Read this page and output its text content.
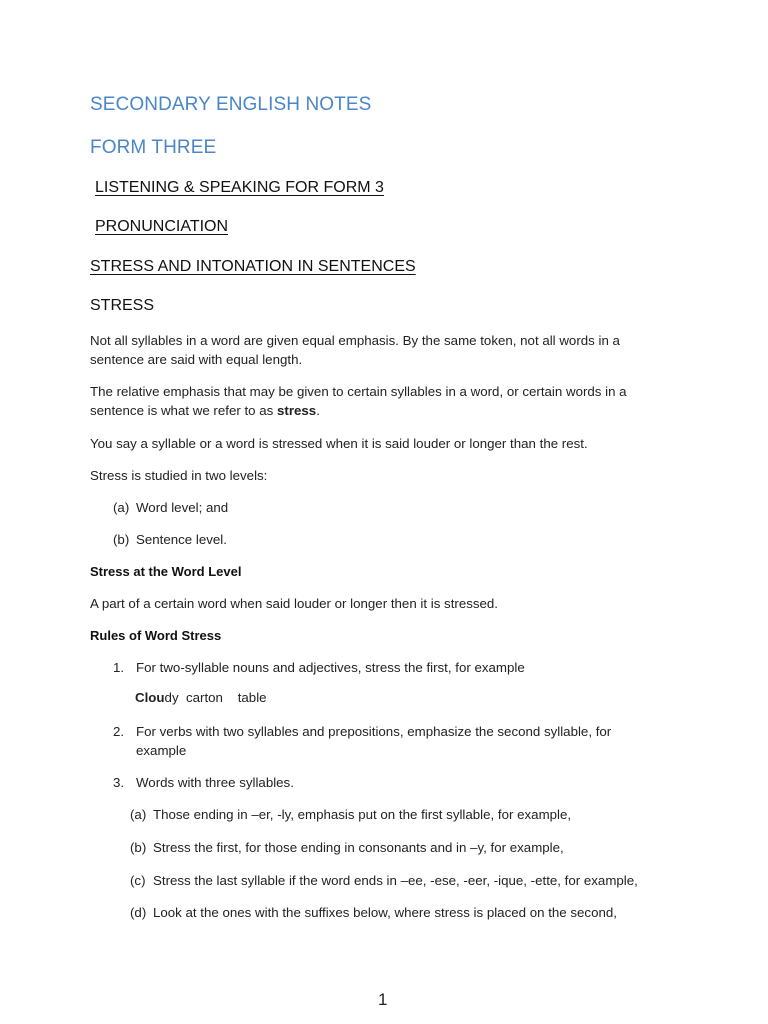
SECONDARY ENGLISH NOTES
FORM THREE
LISTENING & SPEAKING FOR FORM 3
PRONUNCIATION
STRESS AND INTONATION IN SENTENCES
STRESS
Not all syllables in a word are given equal emphasis. By the same token, not all words in a sentence are said with equal length.
The relative emphasis that may be given to certain syllables in a word, or certain words in a sentence is what we refer to as stress.
You say a syllable or a word is stressed when it is said louder or longer than the rest.
Stress is studied in two levels:
(a) Word level; and
(b) Sentence level.
Stress at the Word Level
A part of a certain word when said louder or longer then it is stressed.
Rules of Word Stress
1. For two-syllable nouns and adjectives, stress the first, for example
Cloudy  carton    table
2. For verbs with two syllables and prepositions, emphasize the second syllable, for example
3. Words with three syllables.
(a) Those ending in –er, -ly, emphasis put on the first syllable, for example,
(b) Stress the first, for those ending in consonants and in –y, for example,
(c) Stress the last syllable if the word ends in –ee, -ese, -eer, -ique, -ette, for example,
(d) Look at the ones with the suffixes below, where stress is placed on the second,
1
